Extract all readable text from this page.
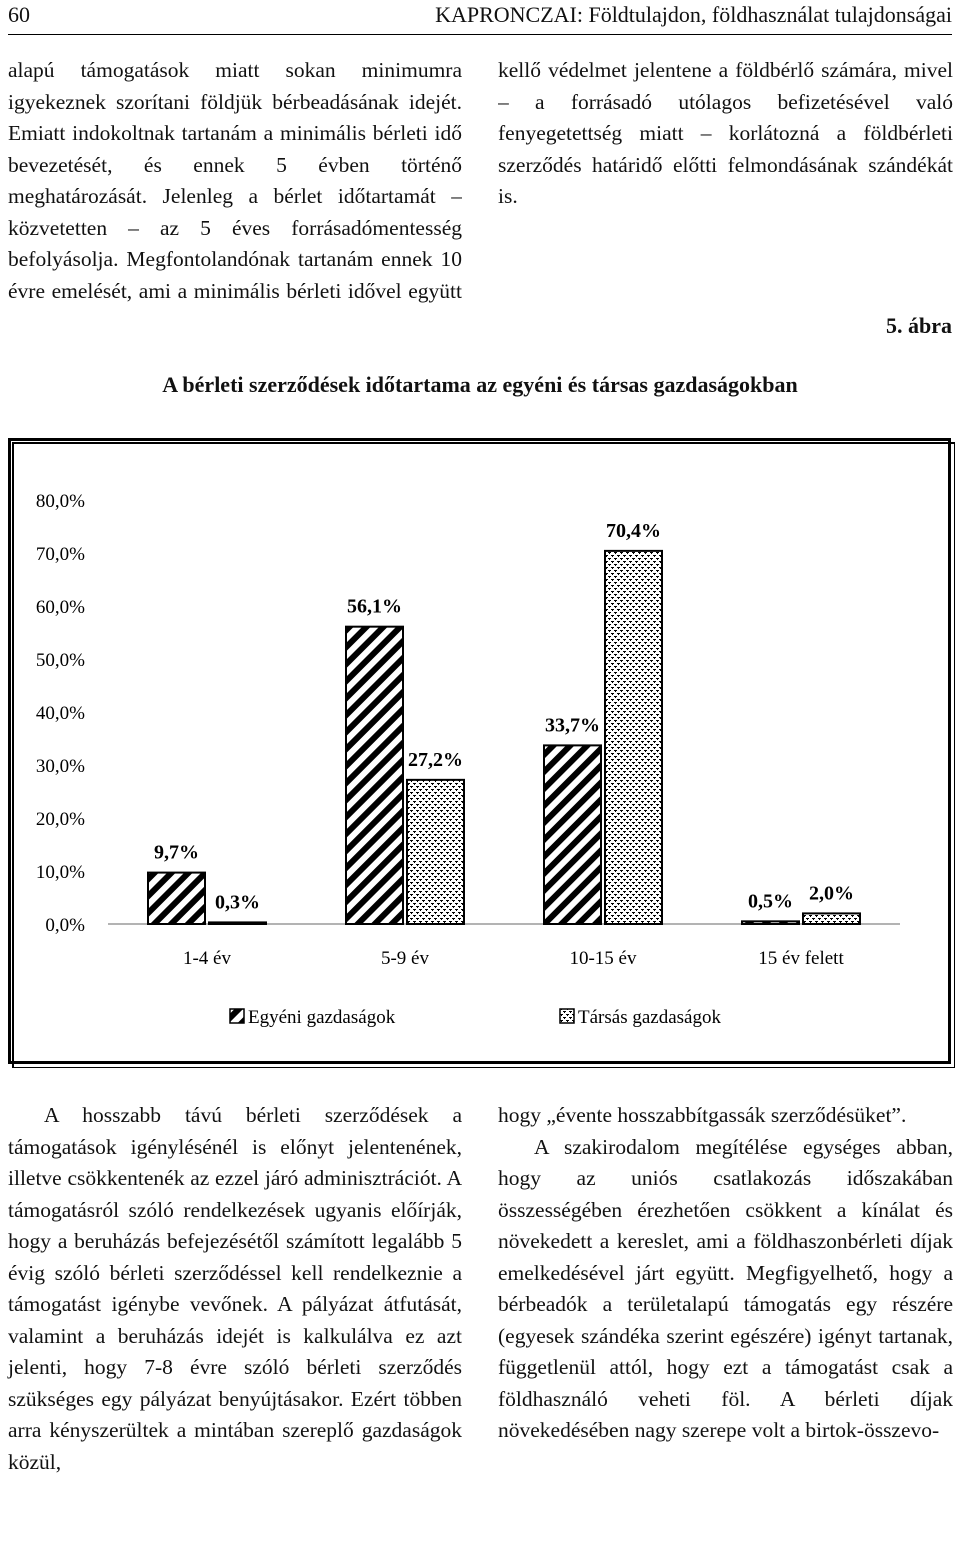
60	KAPRONCZAI: Földtulajdon, földhasználat tulajdonságai

alapú támogatások miatt sokan minimumra igyekeznek szorítani földjük bérbeadásának idejét. Emiatt indokoltnak tartanám a minimális bérleti idő bevezetését, és ennek 5 évben történő meghatározását. Jelenleg a bérlet időtartamát – közvetetten – az 5 éves forrásadómentesség befolyásolja. Megfontolandónak tartanám ennek 10 évre emelését, ami a minimális bérleti idővel együtt

kellő védelmet jelentene a földbérlő számára, mivel – a forrásadó utólagos befizetésével való fenyegetettség miatt – korlátozná a földbérleti szerződés határidő előtti felmondásának szándékát is.

5. ábra
A bérleti szerződések időtartama az egyéni és társas gazdaságokban
0,0%
10,0%
20,0%
30,0%
40,0%
50,0%
60,0%
70,0%
80,0%
1-4 év
9,7%
0,3%
5-9 év
56,1%
27,2%
10-15 év
33,7%
70,4%
15 év felett
0,5% 2,0%
Egyéni gazdaságok	Társás gazdaságok

A hosszabb távú bérleti szerződések a támogatások igénylésénél is előnyt jelentenének, illetve csökkentenék az ezzel járó adminisztrációt. A támogatásról szóló rendelkezések ugyanis előírják, hogy a beruházás befejezésétől számított legalább 5 évig szóló bérleti szerződéssel kell rendelkeznie a támogatást igénybe vevőnek. A pályázat átfutását, valamint a beruházás idejét is kalkulálva ez azt jelenti, hogy 7-8 évre szóló bérleti szerződés szükséges egy pályázat benyújtásakor. Ezért többen arra kényszerültek a mintában szereplő gazdaságok közül,

hogy „évente hosszabbítgassák szerződésüket”.

A szakirodalom megítélése egységes abban, hogy az uniós csatlakozás időszakában összességében érezhetően csökkent a kínálat és növekedett a kereslet, ami a földhaszonbérleti díjak emelkedésével járt együtt. Megfigyelhető, hogy a bérbeadók a területalapú támogatás egy részére (egyesek szándéka szerint egészére) igényt tartanak, függetlenül attól, hogy ezt a támogatást csak a földhasználó veheti föl. A bérleti díjak növekedésében nagy szerepe volt a birtok-összevo-
